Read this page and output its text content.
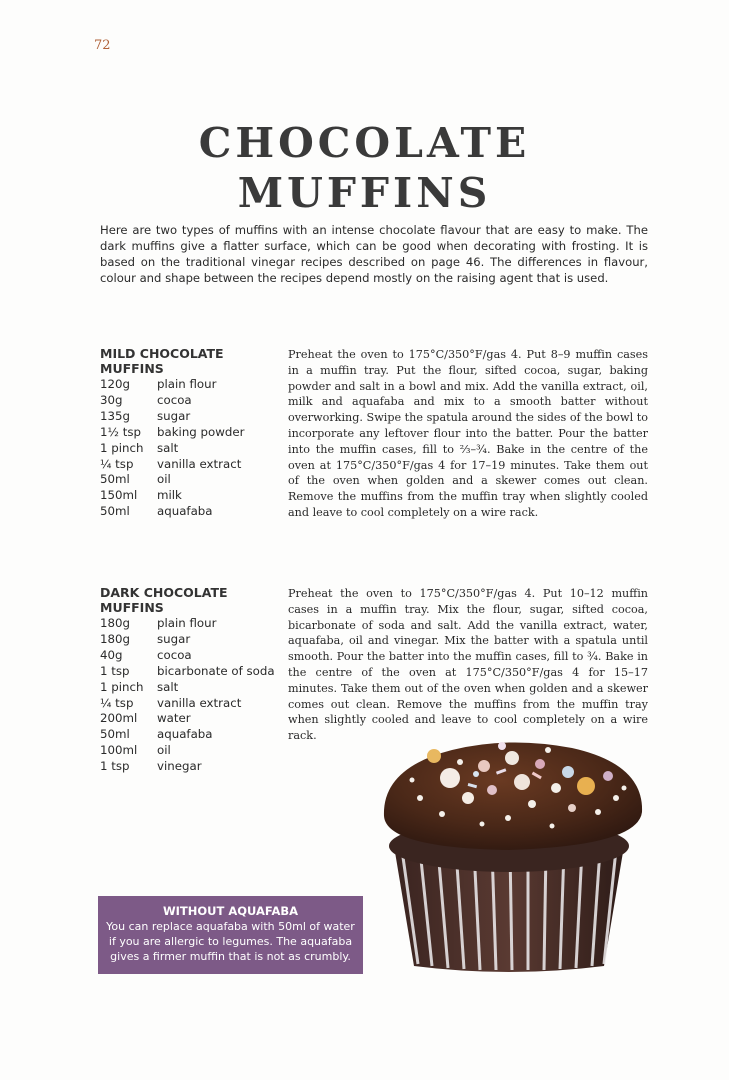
72
CHOCOLATE
MUFFINS

Here are two types of muffins with an intense chocolate flavour that are easy to make. The dark muffins give a flatter surface, which can be good when decorating with frosting. It is based on the traditional vinegar recipes described on page 46. The differences in flavour, colour and shape between the recipes depend mostly on the raising agent that is used.

MILD CHOCOLATE
MUFFINS
120g	plain flour
30g	cocoa
135g	sugar
1½ tsp	baking powder
1 pinch	salt
¼ tsp	vanilla extract
50ml	oil
150ml	milk
50ml	aquafaba

Preheat the oven to 175°C/350°F/gas 4. Put 8–9 muffin cases in a muffin tray. Put the flour, sifted cocoa, sugar, baking powder and salt in a bowl and mix. Add the vanilla extract, oil, milk and aquafaba and mix to a smooth batter without overworking. Swipe the spatula around the sides of the bowl to incorporate any leftover flour into the batter. Pour the batter into the muffin cases, fill to ⅔–¾. Bake in the centre of the oven at 175°C/350°F/gas 4 for 17–19 minutes. Take them out of the oven when golden and a skewer comes out clean. Remove the muffins from the muffin tray when slightly cooled and leave to cool completely on a wire rack.

DARK CHOCOLATE
MUFFINS
180g	plain flour
180g	sugar
40g	cocoa
1 tsp	bicarbonate of soda
1 pinch	salt
¼ tsp	vanilla extract
200ml	water
50ml	aquafaba
100ml	oil
1 tsp	vinegar

Preheat the oven to 175°C/350°F/gas 4. Put 10–12 muffin cases in a muffin tray. Mix the flour, sugar, sifted cocoa, bicarbonate of soda and salt. Add the vanilla extract, water, aquafaba, oil and vinegar. Mix the batter with a spatula until smooth. Pour the batter into the muffin cases, fill to ¾. Bake in the centre of the oven at 175°C/350°F/gas 4 for 15–17 minutes. Take them out of the oven when golden and a skewer comes out clean. Remove the muffins from the muffin tray when slightly cooled and leave to cool completely on a wire rack.

WITHOUT AQUAFABA
You can replace aquafaba with 50ml of water if you are allergic to legumes. The aquafaba gives a firmer muffin that is not as crumbly.
